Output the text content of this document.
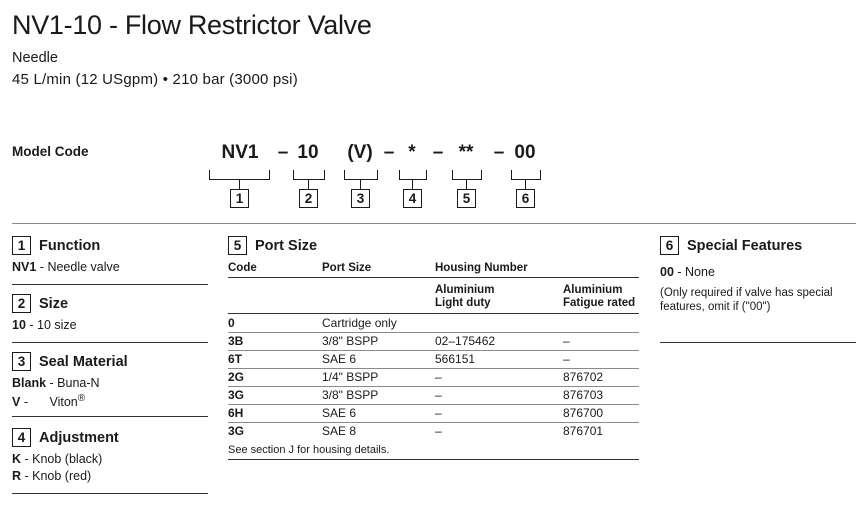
NV1-10 - Flow Restrictor Valve
Needle
45 L/min (12 USgpm) • 210 bar (3000 psi)
Model Code	NV1 – 10 (V) – * – ** – 00
1	2	3	4	5	6
1 Function
NV1 - Needle valve
2 Size
10 - 10 size
3 Seal Material
Blank - Buna-N
V - Viton®
4 Adjustment
K - Knob (black)
R - Knob (red)
5 Port Size
Code	Port Size	Housing Number
Aluminium
Light duty
Aluminium
Fatigue rated
0	Cartridge only
3B	3/8" BSPP	02–175462	–
6T	SAE 6	566151	–
2G	1/4" BSPP	–	876702
3G	3/8" BSPP	–	876703
6H	SAE 6	–	876700
3G	SAE 8	–	876701
See section J for housing details.
6 Special Features
00 - None
(Only required if valve has special
features, omit if ("00")
